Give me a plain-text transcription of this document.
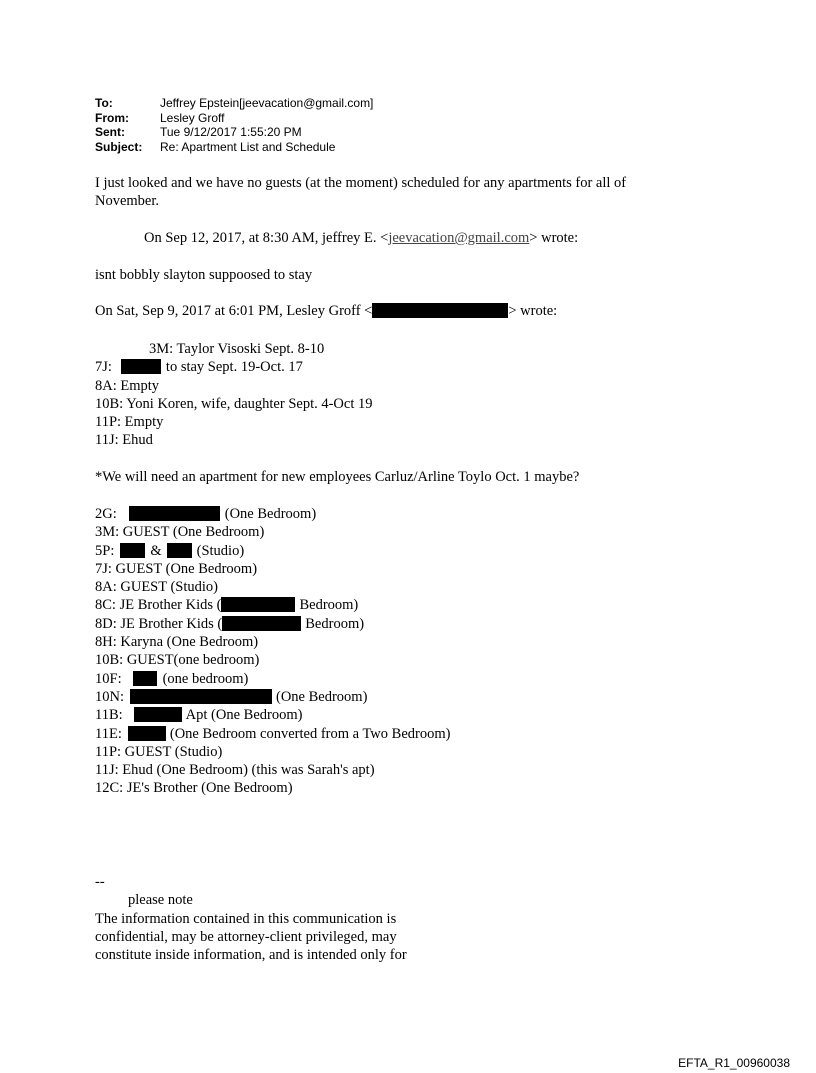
To:	Jeffrey Epstein[jeevacation@gmail.com]
From:	Lesley Groff
Sent:	Tue 9/12/2017 1:55:20 PM
Subject:	Re: Apartment List and Schedule
I just looked and we have no guests (at the moment) scheduled for any apartments for all of
November.
On Sep 12, 2017, at 8:30 AM, jeffrey E. <jeevacation@gmail.com> wrote:
isnt bobbly slayton suppoosed to stay
On Sat, Sep 9, 2017 at 6:01 PM, Lesley Groff <	> wrote:
3M: Taylor Visoski Sept. 8-10
7J:	to stay Sept. 19-Oct. 17
8A: Empty
10B: Yoni Koren, wife, daughter Sept. 4-Oct 19
11P: Empty
11J: Ehud
*We will need an apartment for new employees Carluz/Arline Toylo Oct. 1 maybe?
2G:	(One Bedroom)
3M: GUEST (One Bedroom)
5P: & (Studio)
7J: GUEST (One Bedroom)
8A: GUEST (Studio)
8C: JE Brother Kids (	Bedroom)
8D: JE Brother Kids (	Bedroom)
8H: Karyna (One Bedroom)
10B: GUEST(one bedroom)
10F:	(one bedroom)
10N:	(One Bedroom)
11B:	Apt (One Bedroom)
11E:	(One Bedroom converted from a Two Bedroom)
11P: GUEST (Studio)
11J: Ehud (One Bedroom) (this was Sarah's apt)
12C: JE's Brother (One Bedroom)
--
please note
The information contained in this communication is
confidential, may be attorney-client privileged, may
constitute inside information, and is intended only for
EFTA_R1_00960038
